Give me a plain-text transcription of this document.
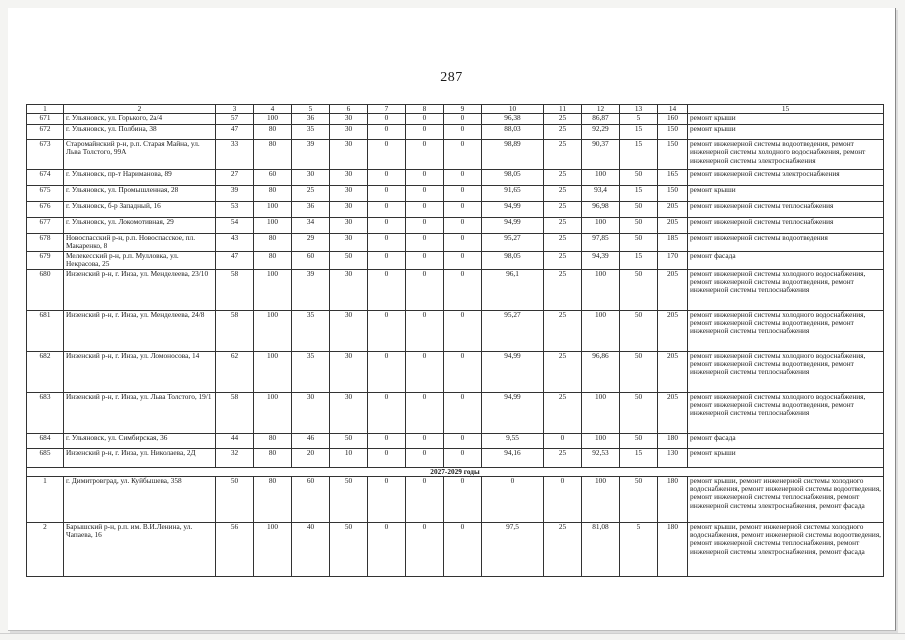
287
1	2	3	4	5	6	7	8	9	10	11	12	13	14	15
671	г. Ульяновск, ул. Горького, 2а/4	57	100	36	30	0	0	0	96,38	25	86,87	5	160	ремонт крыши
672	г. Ульяновск, ул. Полбина, 38	47	80	35	30	0	0	0	88,03	25	92,29	15	150	ремонт крыши
673	Старомайнский р-н, р.п. Старая Майна, ул. Льва Толстого, 99А	33	80	39	30	0	0	0	98,89	25	90,37	15	150	ремонт инженерной системы водоотведения, ремонт инженерной системы холодного водоснабжения, ремонт инженерной системы электроснабжения
674	г. Ульяновск, пр-т Нариманова, 89	27	60	30	30	0	0	0	98,05	25	100	50	165	ремонт инженерной системы электроснабжения
675	г. Ульяновск, ул. Промышленная, 28	39	80	25	30	0	0	0	91,65	25	93,4	15	150	ремонт крыши
676	г. Ульяновск, б-р Западный, 16	53	100	36	30	0	0	0	94,99	25	96,98	50	205	ремонт инженерной системы теплоснабжения
677	г. Ульяновск, ул. Локомотивная, 29	54	100	34	30	0	0	0	94,99	25	100	50	205	ремонт инженерной системы теплоснабжения
678	Новоспасский р-н, р.п. Новоспасское, пл. Макаренко, 8	43	80	29	30	0	0	0	95,27	25	97,85	50	185	ремонт инженерной системы водоотведения
679	Мелекесский р-н, р.п. Мулловка, ул. Некрасова, 25	47	80	60	50	0	0	0	98,05	25	94,39	15	170	ремонт фасада
680	Инзенский р-н, г. Инза, ул. Менделеева, 23/10	58	100	39	30	0	0	0	96,1	25	100	50	205	ремонт инженерной системы холодного водоснабжения, ремонт инженерной системы водоотведения, ремонт инженерной системы теплоснабжения
681	Инзенский р-н, г. Инза, ул. Менделеева, 24/8	58	100	35	30	0	0	0	95,27	25	100	50	205	ремонт инженерной системы холодного водоснабжения, ремонт инженерной системы водоотведения, ремонт инженерной системы теплоснабжения
682	Инзенский р-н, г. Инза, ул. Ломоносова, 14	62	100	35	30	0	0	0	94,99	25	96,86	50	205	ремонт инженерной системы холодного водоснабжения, ремонт инженерной системы водоотведения, ремонт инженерной системы теплоснабжения
683	Инзенский р-н, г. Инза, ул. Льва Толстого, 19/1	58	100	30	30	0	0	0	94,99	25	100	50	205	ремонт инженерной системы холодного водоснабжения, ремонт инженерной системы водоотведения, ремонт инженерной системы теплоснабжения
684	г. Ульяновск, ул. Симбирская, 36	44	80	46	50	0	0	0	9,55	0	100	50	180	ремонт фасада
685	Инзенский р-н, г. Инза, ул. Николаева, 2Д	32	80	20	10	0	0	0	94,16	25	92,53	15	130	ремонт крыши
2027-2029 годы														
1	г. Димитровград, ул. Куйбышева, 358	50	80	60	50	0	0	0	0	0	100	50	180	ремонт крыши, ремонт инженерной системы холодного водоснабжения, ремонт инженерной системы водоотведения, ремонт инженерной системы теплоснабжения, ремонт инженерной системы электроснабжения, ремонт фасада
2	Барышский р-н, р.п. им. В.И.Ленина, ул. Чапаева, 16	56	100	40	50	0	0	0	97,5	25	81,08	5	180	ремонт крыши, ремонт инженерной системы холодного водоснабжения, ремонт инженерной системы водоотведения, ремонт инженерной системы теплоснабжения, ремонт инженерной системы электроснабжения, ремонт фасада
